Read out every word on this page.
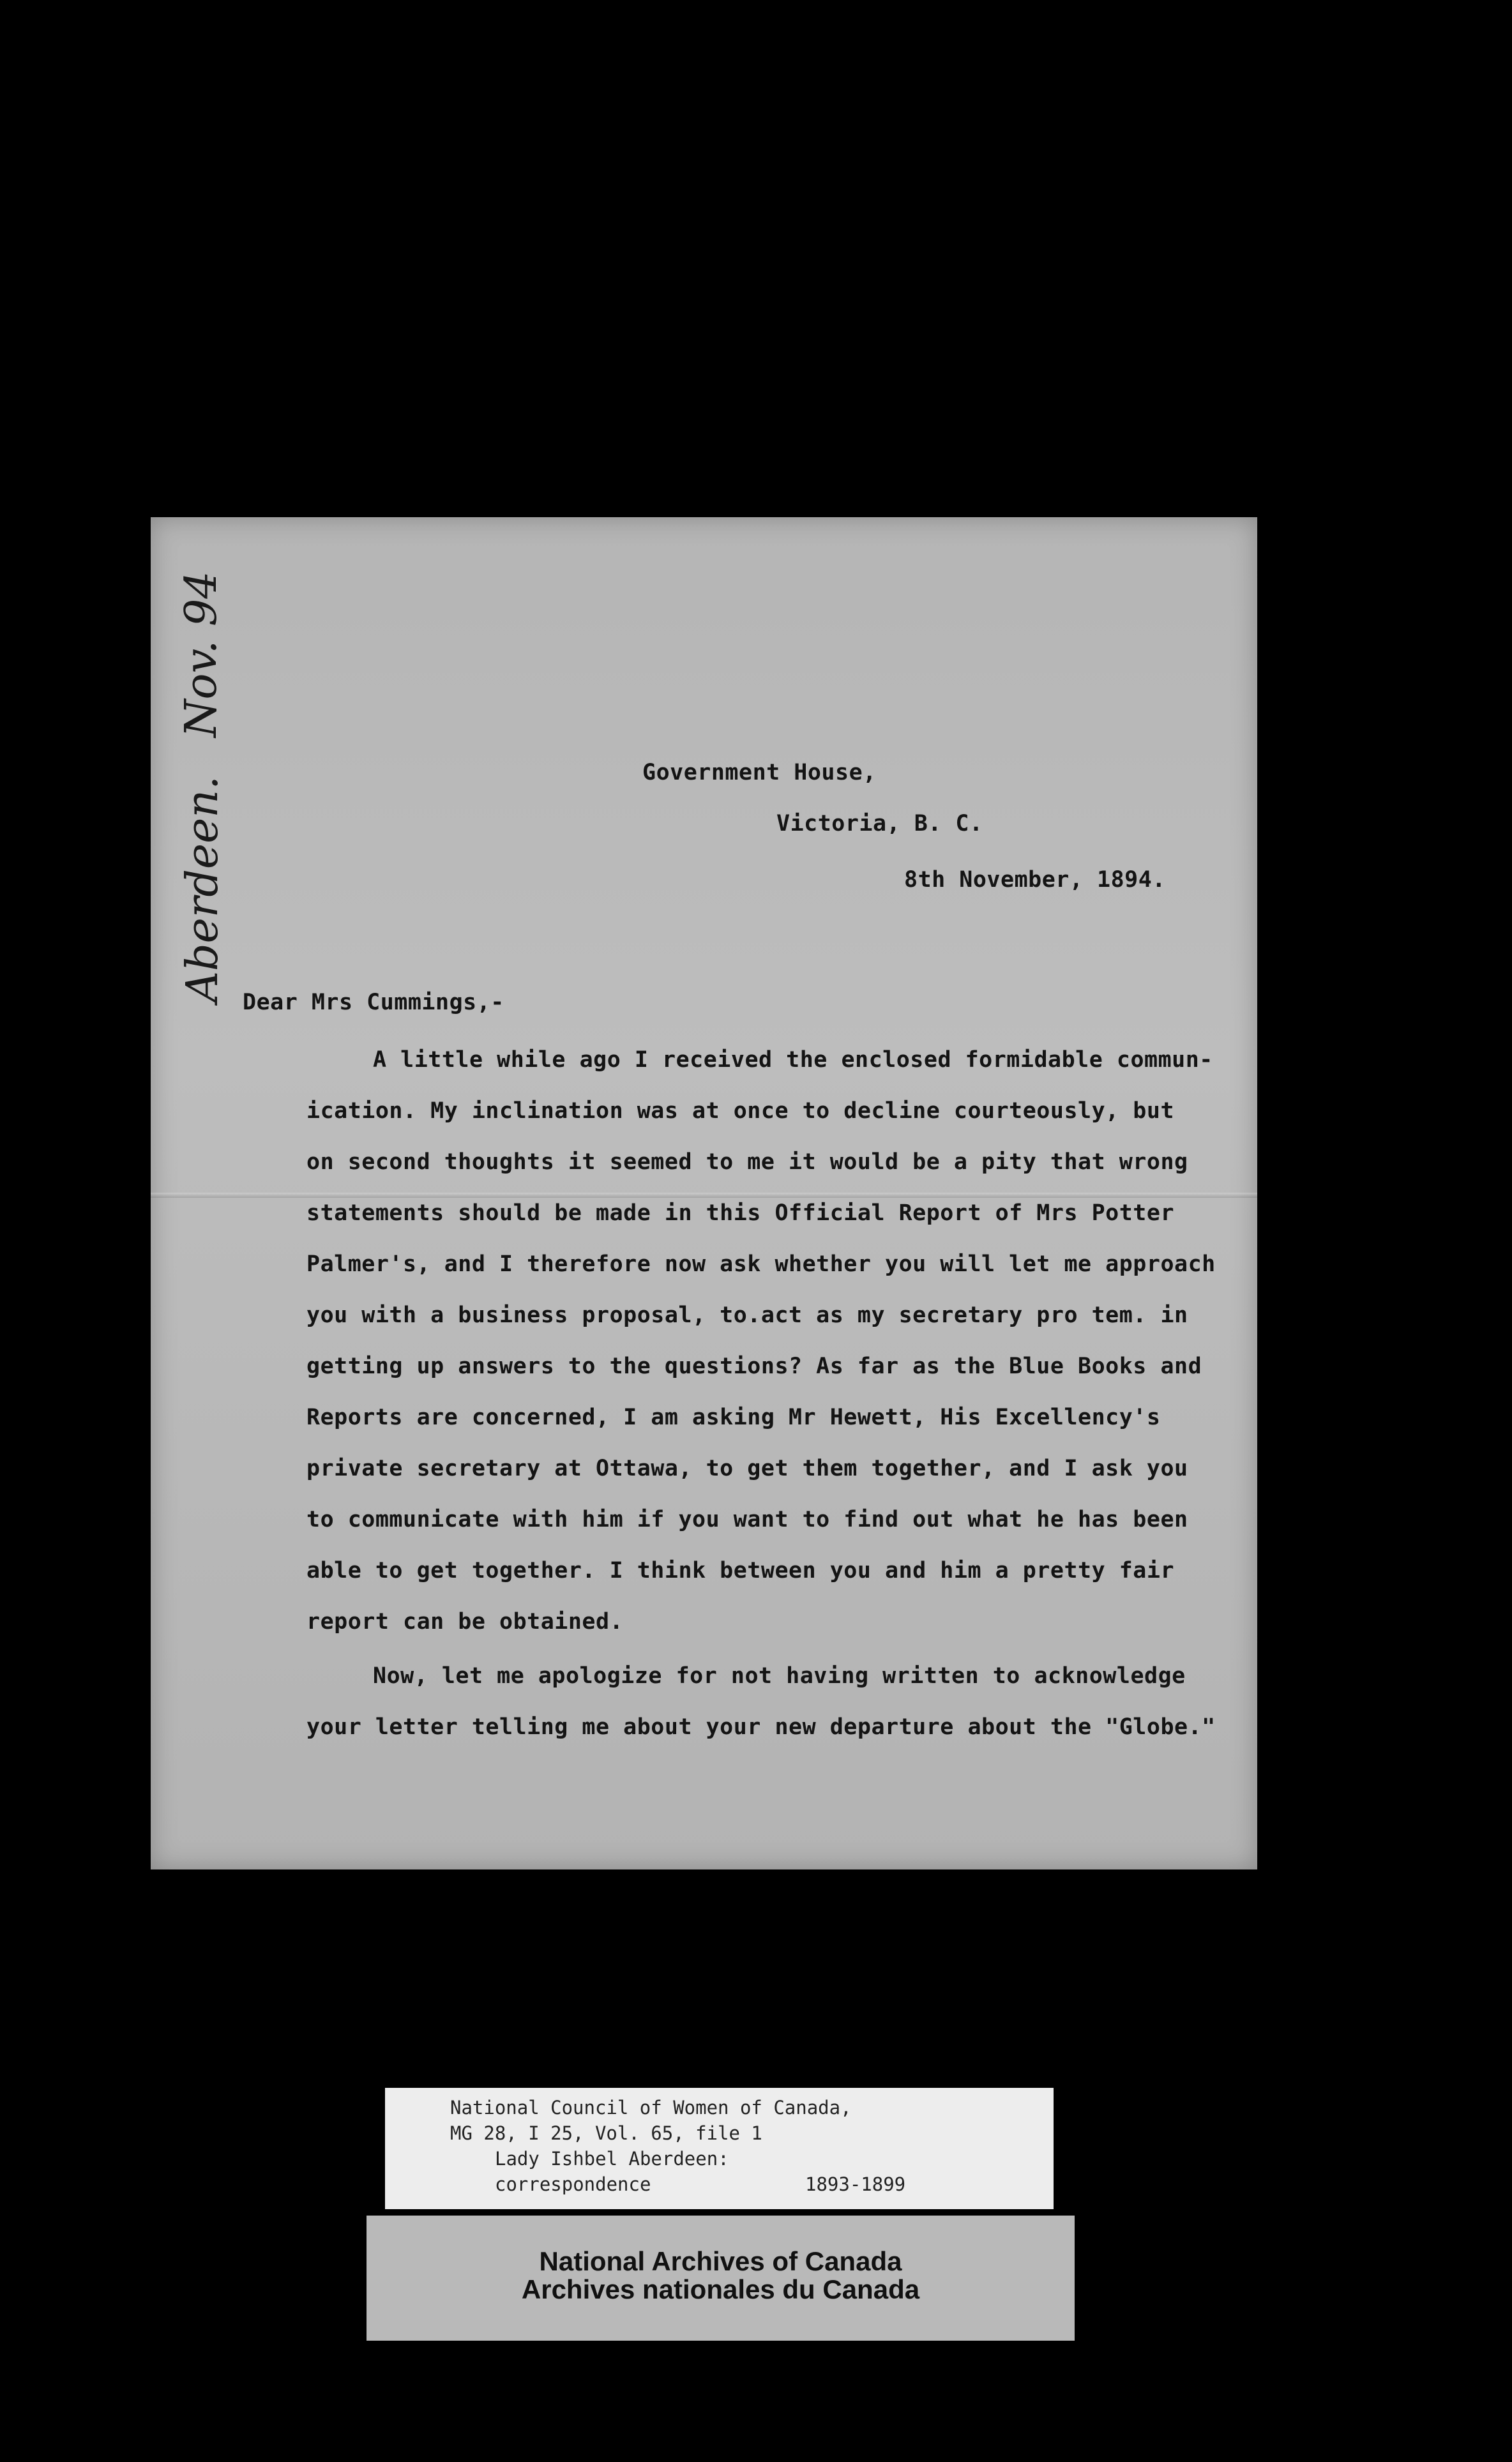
Nov. 94
Aberdeen.
Government House,
Victoria, B. C.
8th November, 1894.
Dear Mrs Cummings,-
A little while ago I received the enclosed formidable commun-
ication. My inclination was at once to decline courteously, but
on second thoughts it seemed to me it would be a pity that wrong
statements should be made in this Official Report of Mrs Potter
Palmer's, and I therefore now ask whether you will let me approach
you with a business proposal, to.act as my secretary pro tem. in
getting up answers to the questions? As far as the Blue Books and
Reports are concerned, I am asking Mr Hewett, His Excellency's
private secretary at Ottawa, to get them together, and I ask you
to communicate with him if you want to find out what he has been
able to get together. I think between you and him a pretty fair
report can be obtained.
Now, let me apologize for not having written to acknowledge
your letter telling me about your new departure about the "Globe."
National Council of Women of Canada,
MG 28, I 25, Vol. 65, file 1
Lady Ishbel Aberdeen:
correspondence	1893-1899
National Archives of Canada
Archives nationales du Canada
